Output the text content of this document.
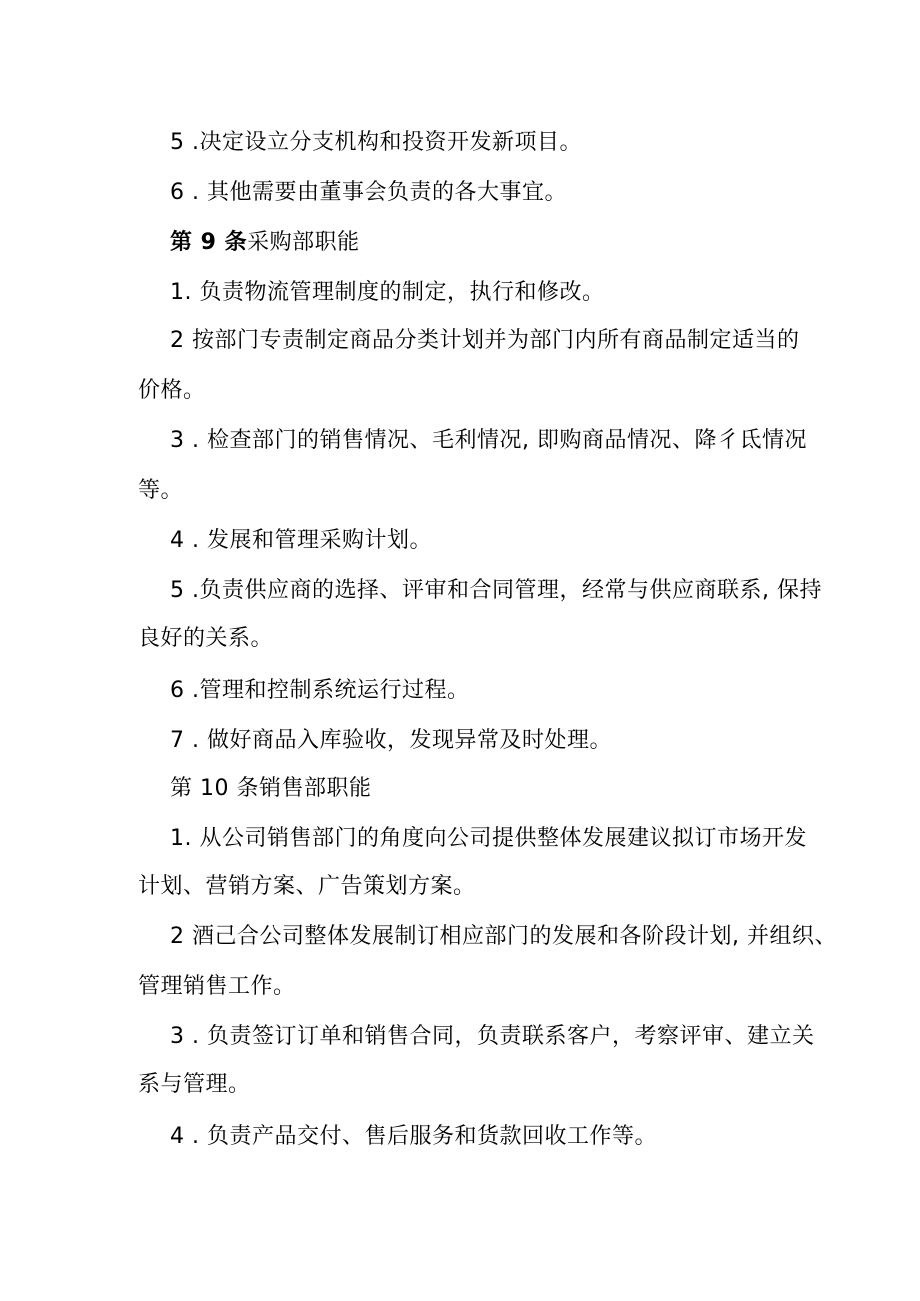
5 .决定设立分支机构和投资开发新项目。
6 . 其他需要由董事会负责的各大事宜。
第 9 条采购部职能
1. 负责物流管理制度的制定，执行和修改。
2 按部门专责制定商品分类计划并为部门内所有商品制定适当的
价格。
3 . 检查部门的销售情况、毛利情况, 即购商品情况、降彳氐情况
等。
4 . 发展和管理采购计划。
5 .负责供应商的选择、评审和合同管理，经常与供应商联系, 保持
良好的关系。
6 .管理和控制系统运行过程。
7 . 做好商品入库验收，发现异常及时处理。
第 10 条销售部职能
1. 从公司销售部门的角度向公司提供整体发展建议拟订市场开发
计划、营销方案、广告策划方案。
2 酒己合公司整体发展制订相应部门的发展和各阶段计划, 并组织、
管理销售工作。
3 . 负责签订订单和销售合同，负责联系客户，考察评审、建立关
系与管理。
4 . 负责产品交付、售后服务和货款回收工作等。
